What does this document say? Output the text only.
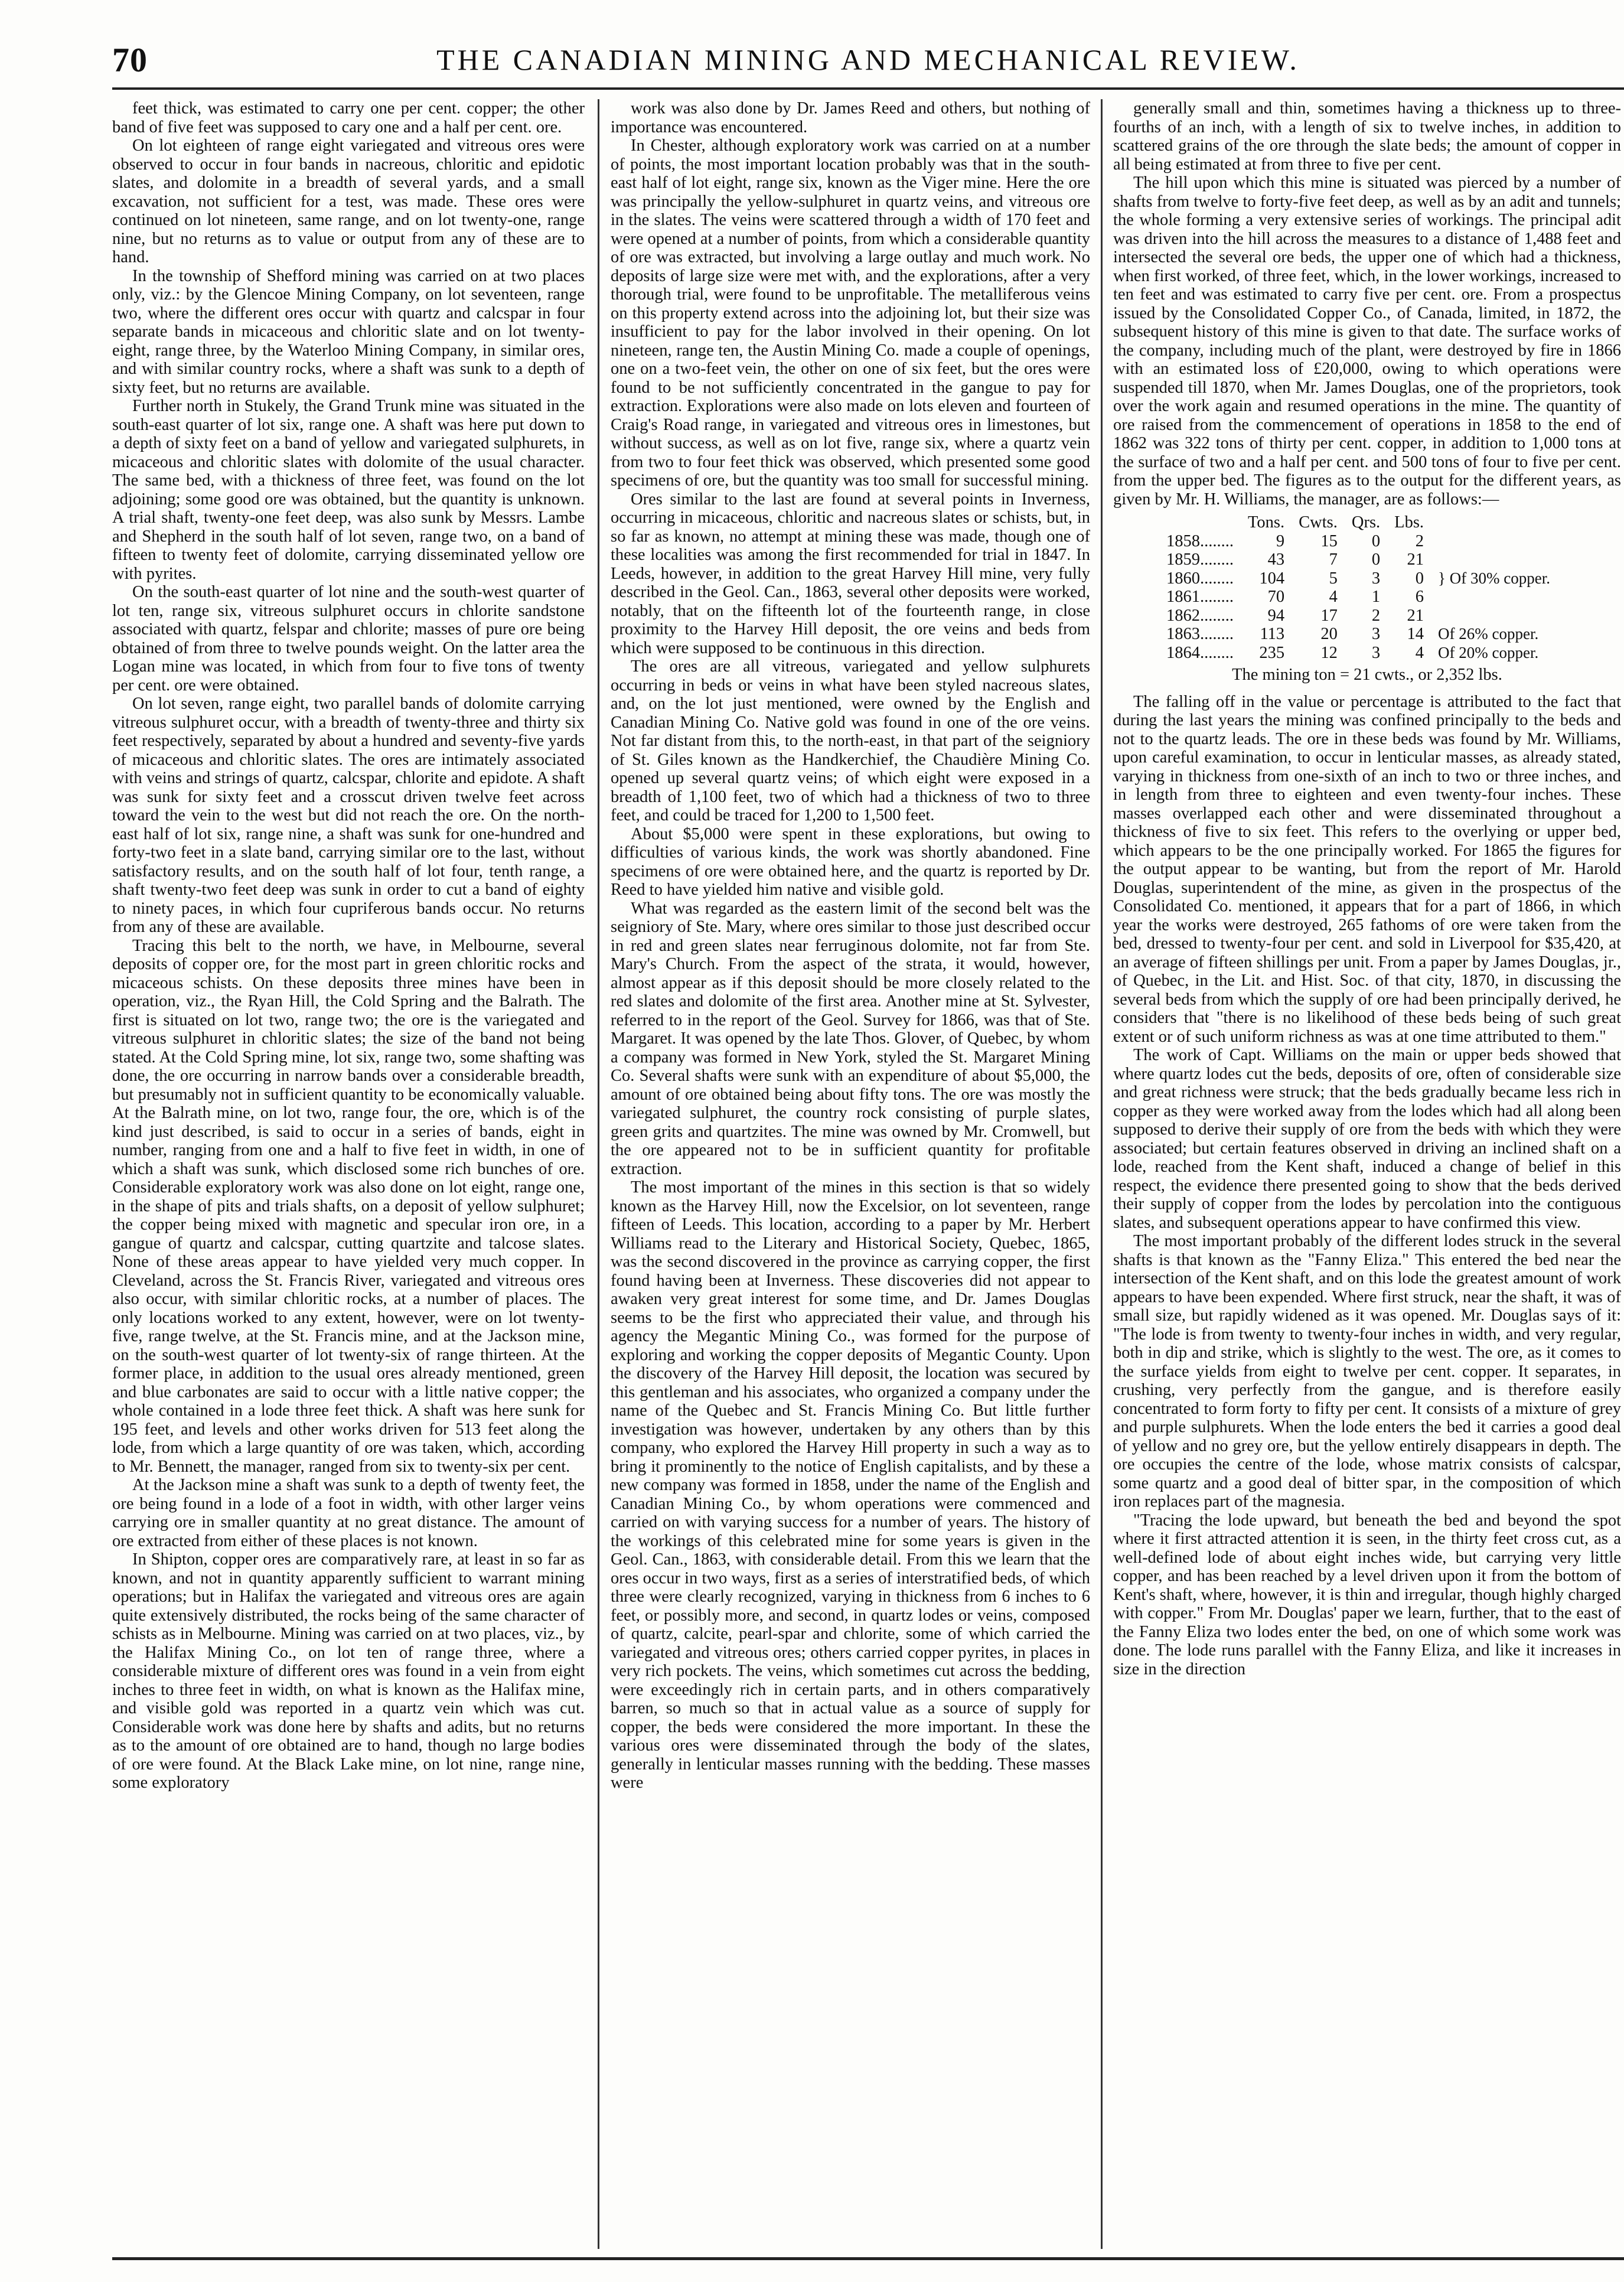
70	THE CANADIAN MINING AND MECHANICAL REVIEW.

feet thick, was estimated to carry one per cent. copper; the other band of five feet was supposed to cary one and a half per cent. ore.

On lot eighteen of range eight variegated and vitreous ores were observed to occur in four bands in nacreous, chloritic and epidotic slates, and dolomite in a breadth of several yards, and a small excavation, not sufficient for a test, was made. These ores were continued on lot nineteen, same range, and on lot twenty-one, range nine, but no returns as to value or output from any of these are to hand.

In the township of Shefford mining was carried on at two places only, viz.: by the Glencoe Mining Company, on lot seventeen, range two, where the different ores occur with quartz and calcspar in four separate bands in micaceous and chloritic slate and on lot twenty-eight, range three, by the Waterloo Mining Company, in similar ores, and with similar country rocks, where a shaft was sunk to a depth of sixty feet, but no returns are available.

Further north in Stukely, the Grand Trunk mine was situated in the south-east quarter of lot six, range one. A shaft was here put down to a depth of sixty feet on a band of yellow and variegated sulphurets, in micaceous and chloritic slates with dolomite of the usual character. The same bed, with a thickness of three feet, was found on the lot adjoining; some good ore was obtained, but the quantity is unknown. A trial shaft, twenty-one feet deep, was also sunk by Messrs. Lambe and Shepherd in the south half of lot seven, range two, on a band of fifteen to twenty feet of dolomite, carrying disseminated yellow ore with pyrites.

On the south-east quarter of lot nine and the south-west quarter of lot ten, range six, vitreous sulphuret occurs in chlorite sandstone associated with quartz, felspar and chlorite; masses of pure ore being obtained of from three to twelve pounds weight. On the latter area the Logan mine was located, in which from four to five tons of twenty per cent. ore were obtained.

On lot seven, range eight, two parallel bands of dolomite carrying vitreous sulphuret occur, with a breadth of twenty-three and thirty six feet respectively, separated by about a hundred and seventy-five yards of micaceous and chloritic slates. The ores are intimately associated with veins and strings of quartz, calcspar, chlorite and epidote. A shaft was sunk for sixty feet and a crosscut driven twelve feet across toward the vein to the west but did not reach the ore. On the north-east half of lot six, range nine, a shaft was sunk for one-hundred and forty-two feet in a slate band, carrying similar ore to the last, without satisfactory results, and on the south half of lot four, tenth range, a shaft twenty-two feet deep was sunk in order to cut a band of eighty to ninety paces, in which four cupriferous bands occur. No returns from any of these are available.

Tracing this belt to the north, we have, in Melbourne, several deposits of copper ore, for the most part in green chloritic rocks and micaceous schists. On these deposits three mines have been in operation, viz., the Ryan Hill, the Cold Spring and the Balrath. The first is situated on lot two, range two; the ore is the variegated and vitreous sulphuret in chloritic slates; the size of the band not being stated. At the Cold Spring mine, lot six, range two, some shafting was done, the ore occurring in narrow bands over a considerable breadth, but presumably not in sufficient quantity to be economically valuable. At the Balrath mine, on lot two, range four, the ore, which is of the kind just described, is said to occur in a series of bands, eight in number, ranging from one and a half to five feet in width, in one of which a shaft was sunk, which disclosed some rich bunches of ore. Considerable exploratory work was also done on lot eight, range one, in the shape of pits and trials shafts, on a deposit of yellow sulphuret; the copper being mixed with magnetic and specular iron ore, in a gangue of quartz and calcspar, cutting quartzite and talcose slates. None of these areas appear to have yielded very much copper. In Cleveland, across the St. Francis River, variegated and vitreous ores also occur, with similar chloritic rocks, at a number of places. The only locations worked to any extent, however, were on lot twenty-five, range twelve, at the St. Francis mine, and at the Jackson mine, on the south-west quarter of lot twenty-six of range thirteen. At the former place, in addition to the usual ores already mentioned, green and blue carbonates are said to occur with a little native copper; the whole contained in a lode three feet thick. A shaft was here sunk for 195 feet, and levels and other works driven for 513 feet along the lode, from which a large quantity of ore was taken, which, according to Mr. Bennett, the manager, ranged from six to twenty-six per cent.

At the Jackson mine a shaft was sunk to a depth of twenty feet, the ore being found in a lode of a foot in width, with other larger veins carrying ore in smaller quantity at no great distance. The amount of ore extracted from either of these places is not known.

In Shipton, copper ores are comparatively rare, at least in so far as known, and not in quantity apparently sufficient to warrant mining operations; but in Halifax the variegated and vitreous ores are again quite extensively distributed, the rocks being of the same character of schists as in Melbourne. Mining was carried on at two places, viz., by the Halifax Mining Co., on lot ten of range three, where a considerable mixture of different ores was found in a vein from eight inches to three feet in width, on what is known as the Halifax mine, and visible gold was reported in a quartz vein which was cut. Considerable work was done here by shafts and adits, but no returns as to the amount of ore obtained are to hand, though no large bodies of ore were found. At the Black Lake mine, on lot nine, range nine, some exploratory

work was also done by Dr. James Reed and others, but nothing of importance was encountered.

In Chester, although exploratory work was carried on at a number of points, the most important location probably was that in the south-east half of lot eight, range six, known as the Viger mine. Here the ore was principally the yellow-sulphuret in quartz veins, and vitreous ore in the slates. The veins were scattered through a width of 170 feet and were opened at a number of points, from which a considerable quantity of ore was extracted, but involving a large outlay and much work. No deposits of large size were met with, and the explorations, after a very thorough trial, were found to be unprofitable. The metalliferous veins on this property extend across into the adjoining lot, but their size was insufficient to pay for the labor involved in their opening. On lot nineteen, range ten, the Austin Mining Co. made a couple of openings, one on a two-feet vein, the other on one of six feet, but the ores were found to be not sufficiently concentrated in the gangue to pay for extraction. Explorations were also made on lots eleven and fourteen of Craig's Road range, in variegated and vitreous ores in limestones, but without success, as well as on lot five, range six, where a quartz vein from two to four feet thick was observed, which presented some good specimens of ore, but the quantity was too small for successful mining.

Ores similar to the last are found at several points in Inverness, occurring in micaceous, chloritic and nacreous slates or schists, but, in so far as known, no attempt at mining these was made, though one of these localities was among the first recommended for trial in 1847. In Leeds, however, in addition to the great Harvey Hill mine, very fully described in the Geol. Can., 1863, several other deposits were worked, notably, that on the fifteenth lot of the fourteenth range, in close proximity to the Harvey Hill deposit, the ore veins and beds from which were supposed to be continuous in this direction.

The ores are all vitreous, variegated and yellow sulphurets occurring in beds or veins in what have been styled nacreous slates, and, on the lot just mentioned, were owned by the English and Canadian Mining Co. Native gold was found in one of the ore veins. Not far distant from this, to the north-east, in that part of the seigniory of St. Giles known as the Handkerchief, the Chaudière Mining Co. opened up several quartz veins; of which eight were exposed in a breadth of 1,100 feet, two of which had a thickness of two to three feet, and could be traced for 1,200 to 1,500 feet.

About $5,000 were spent in these explorations, but owing to difficulties of various kinds, the work was shortly abandoned. Fine specimens of ore were obtained here, and the quartz is reported by Dr. Reed to have yielded him native and visible gold.

What was regarded as the eastern limit of the second belt was the seigniory of Ste. Mary, where ores similar to those just described occur in red and green slates near ferruginous dolomite, not far from Ste. Mary's Church. From the aspect of the strata, it would, however, almost appear as if this deposit should be more closely related to the red slates and dolomite of the first area. Another mine at St. Sylvester, referred to in the report of the Geol. Survey for 1866, was that of Ste. Margaret. It was opened by the late Thos. Glover, of Quebec, by whom a company was formed in New York, styled the St. Margaret Mining Co. Several shafts were sunk with an expenditure of about $5,000, the amount of ore obtained being about fifty tons. The ore was mostly the variegated sulphuret, the country rock consisting of purple slates, green grits and quartzites. The mine was owned by Mr. Cromwell, but the ore appeared not to be in sufficient quantity for profitable extraction.

The most important of the mines in this section is that so widely known as the Harvey Hill, now the Excelsior, on lot seventeen, range fifteen of Leeds. This location, according to a paper by Mr. Herbert Williams read to the Literary and Historical Society, Quebec, 1865, was the second discovered in the province as carrying copper, the first found having been at Inverness. These discoveries did not appear to awaken very great interest for some time, and Dr. James Douglas seems to be the first who appreciated their value, and through his agency the Megantic Mining Co., was formed for the purpose of exploring and working the copper deposits of Megantic County. Upon the discovery of the Harvey Hill deposit, the location was secured by this gentleman and his associates, who organized a company under the name of the Quebec and St. Francis Mining Co. But little further investigation was however, undertaken by any others than by this company, who explored the Harvey Hill property in such a way as to bring it prominently to the notice of English capitalists, and by these a new company was formed in 1858, under the name of the English and Canadian Mining Co., by whom operations were commenced and carried on with varying success for a number of years. The history of the workings of this celebrated mine for some years is given in the Geol. Can., 1863, with considerable detail. From this we learn that the ores occur in two ways, first as a series of interstratified beds, of which three were clearly recognized, varying in thickness from 6 inches to 6 feet, or possibly more, and second, in quartz lodes or veins, composed of quartz, calcite, pearl-spar and chlorite, some of which carried the variegated and vitreous ores; others carried copper pyrites, in places in very rich pockets. The veins, which sometimes cut across the bedding, were exceedingly rich in certain parts, and in others comparatively barren, so much so that in actual value as a source of supply for copper, the beds were considered the more important. In these the various ores were disseminated through the body of the slates, generally in lenticular masses running with the bedding. These masses were

generally small and thin, sometimes having a thickness up to three-fourths of an inch, with a length of six to twelve inches, in addition to scattered grains of the ore through the slate beds; the amount of copper in all being estimated at from three to five per cent.

The hill upon which this mine is situated was pierced by a number of shafts from twelve to forty-five feet deep, as well as by an adit and tunnels; the whole forming a very extensive series of workings. The principal adit was driven into the hill across the measures to a distance of 1,488 feet and intersected the several ore beds, the upper one of which had a thickness, when first worked, of three feet, which, in the lower workings, increased to ten feet and was estimated to carry five per cent. ore. From a prospectus issued by the Consolidated Copper Co., of Canada, limited, in 1872, the subsequent history of this mine is given to that date. The surface works of the company, including much of the plant, were destroyed by fire in 1866 with an estimated loss of £20,000, owing to which operations were suspended till 1870, when Mr. James Douglas, one of the proprietors, took over the work again and resumed operations in the mine. The quantity of ore raised from the commencement of operations in 1858 to the end of 1862 was 322 tons of thirty per cent. copper, in addition to 1,000 tons at the surface of two and a half per cent. and 500 tons of four to five per cent. from the upper bed. The figures as to the output for the different years, as given by Mr. H. Williams, the manager, are as follows:—

	Tons.	Cwts.	Qrs.	Lbs.	
1858........	9	15	0	2	
1859........	43	7	0	21	
1860........	104	5	3	0	} Of 30% copper.
1861........	70	4	1	6	
1862........	94	17	2	21	
1863........	113	20	3	14	Of 26% copper.
1864........	235	12	3	4	Of 20% copper.
The mining ton = 21 cwts., or 2,352 lbs.

The falling off in the value or percentage is attributed to the fact that during the last years the mining was confined principally to the beds and not to the quartz leads. The ore in these beds was found by Mr. Williams, upon careful examination, to occur in lenticular masses, as already stated, varying in thickness from one-sixth of an inch to two or three inches, and in length from three to eighteen and even twenty-four inches. These masses overlapped each other and were disseminated throughout a thickness of five to six feet. This refers to the overlying or upper bed, which appears to be the one principally worked. For 1865 the figures for the output appear to be wanting, but from the report of Mr. Harold Douglas, superintendent of the mine, as given in the prospectus of the Consolidated Co. mentioned, it appears that for a part of 1866, in which year the works were destroyed, 265 fathoms of ore were taken from the bed, dressed to twenty-four per cent. and sold in Liverpool for $35,420, at an average of fifteen shillings per unit. From a paper by James Douglas, jr., of Quebec, in the Lit. and Hist. Soc. of that city, 1870, in discussing the several beds from which the supply of ore had been principally derived, he considers that "there is no likelihood of these beds being of such great extent or of such uniform richness as was at one time attributed to them."

The work of Capt. Williams on the main or upper beds showed that where quartz lodes cut the beds, deposits of ore, often of considerable size and great richness were struck; that the beds gradually became less rich in copper as they were worked away from the lodes which had all along been supposed to derive their supply of ore from the beds with which they were associated; but certain features observed in driving an inclined shaft on a lode, reached from the Kent shaft, induced a change of belief in this respect, the evidence there presented going to show that the beds derived their supply of copper from the lodes by percolation into the contiguous slates, and subsequent operations appear to have confirmed this view.

The most important probably of the different lodes struck in the several shafts is that known as the "Fanny Eliza." This entered the bed near the intersection of the Kent shaft, and on this lode the greatest amount of work appears to have been expended. Where first struck, near the shaft, it was of small size, but rapidly widened as it was opened. Mr. Douglas says of it: "The lode is from twenty to twenty-four inches in width, and very regular, both in dip and strike, which is slightly to the west. The ore, as it comes to the surface yields from eight to twelve per cent. copper. It separates, in crushing, very perfectly from the gangue, and is therefore easily concentrated to form forty to fifty per cent. It consists of a mixture of grey and purple sulphurets. When the lode enters the bed it carries a good deal of yellow and no grey ore, but the yellow entirely disappears in depth. The ore occupies the centre of the lode, whose matrix consists of calcspar, some quartz and a good deal of bitter spar, in the composition of which iron replaces part of the magnesia.

"Tracing the lode upward, but beneath the bed and beyond the spot where it first attracted attention it is seen, in the thirty feet cross cut, as a well-defined lode of about eight inches wide, but carrying very little copper, and has been reached by a level driven upon it from the bottom of Kent's shaft, where, however, it is thin and irregular, though highly charged with copper." From Mr. Douglas' paper we learn, further, that to the east of the Fanny Eliza two lodes enter the bed, on one of which some work was done. The lode runs parallel with the Fanny Eliza, and like it increases in size in the direction
